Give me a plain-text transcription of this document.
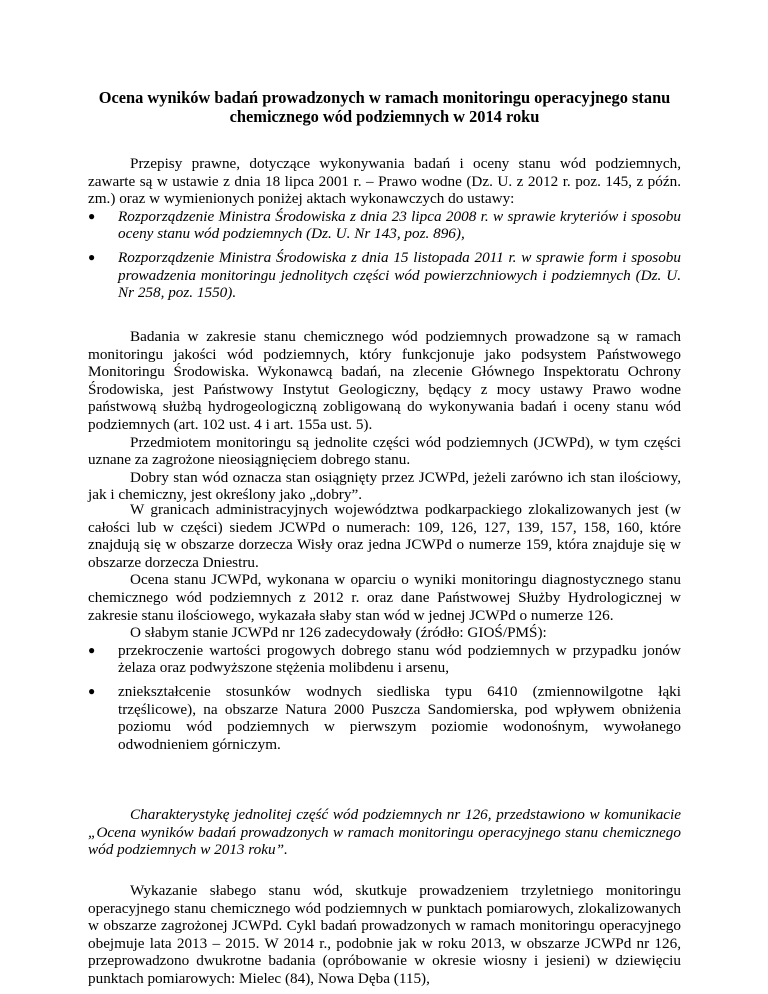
Ocena wyników badań prowadzonych w ramach monitoringu operacyjnego stanu chemicznego wód podziemnych w 2014 roku

Przepisy prawne, dotyczące wykonywania badań i oceny stanu wód podziemnych, zawarte są w ustawie z dnia 18 lipca 2001 r. – Prawo wodne (Dz. U. z 2012 r. poz. 145, z późn. zm.) oraz w wymienionych poniżej aktach wykonawczych do ustawy:

● Rozporządzenie Ministra Środowiska z dnia 23 lipca 2008 r. w sprawie kryteriów i sposobu oceny stanu wód podziemnych (Dz. U. Nr 143, poz. 896),
● Rozporządzenie Ministra Środowiska z dnia 15 listopada 2011 r. w sprawie form i sposobu prowadzenia monitoringu jednolitych części wód powierzchniowych i podziemnych (Dz. U. Nr 258, poz. 1550).

Badania w zakresie stanu chemicznego wód podziemnych prowadzone są w ramach monitoringu jakości wód podziemnych, który funkcjonuje jako podsystem Państwowego Monitoringu Środowiska. Wykonawcą badań, na zlecenie Głównego Inspektoratu Ochrony Środowiska, jest Państwowy Instytut Geologiczny, będący z mocy ustawy Prawo wodne państwową służbą hydrogeologiczną zobligowaną do wykonywania badań i oceny stanu wód podziemnych (art. 102 ust. 4 i art. 155a ust. 5).

Przedmiotem monitoringu są jednolite części wód podziemnych (JCWPd), w tym części uznane za zagrożone nieosiągnięciem dobrego stanu.

Dobry stan wód oznacza stan osiągnięty przez JCWPd, jeżeli zarówno ich stan ilościowy, jak i chemiczny, jest określony jako „dobry”.

W granicach administracyjnych województwa podkarpackiego zlokalizowanych jest (w całości lub w części) siedem JCWPd o numerach: 109, 126, 127, 139, 157, 158, 160, które znajdują się w obszarze dorzecza Wisły oraz jedna JCWPd o numerze 159, która znajduje się w obszarze dorzecza Dniestru.

Ocena stanu JCWPd, wykonana w oparciu o wyniki monitoringu diagnostycznego stanu chemicznego wód podziemnych z 2012 r. oraz dane Państwowej Służby Hydrologicznej w zakresie stanu ilościowego, wykazała słaby stan wód w jednej JCWPd o numerze 126.

O słabym stanie JCWPd nr 126 zadecydowały (źródło: GIOŚ/PMŚ):

● przekroczenie wartości progowych dobrego stanu wód podziemnych w przypadku jonów żelaza oraz podwyższone stężenia molibdenu i arsenu,
● zniekształcenie stosunków wodnych siedliska typu 6410 (zmiennowilgotne łąki trzęślicowe), na obszarze Natura 2000 Puszcza Sandomierska, pod wpływem obniżenia poziomu wód podziemnych w pierwszym poziomie wodonośnym, wywołanego odwodnieniem górniczym.

Charakterystykę jednolitej część wód podziemnych nr 126, przedstawiono w komunikacie „Ocena wyników badań prowadzonych w ramach monitoringu operacyjnego stanu chemicznego wód podziemnych w 2013 roku”.

Wykazanie słabego stanu wód, skutkuje prowadzeniem trzyletniego monitoringu operacyjnego stanu chemicznego wód podziemnych w punktach pomiarowych, zlokalizowanych w obszarze zagrożonej JCWPd. Cykl badań prowadzonych w ramach monitoringu operacyjnego obejmuje lata 2013 – 2015. W 2014 r., podobnie jak w roku 2013, w obszarze JCWPd nr 126, przeprowadzono dwukrotne badania (opróbowanie w okresie wiosny i jesieni) w dziewięciu punktach pomiarowych: Mielec (84), Nowa Dęba (115),
